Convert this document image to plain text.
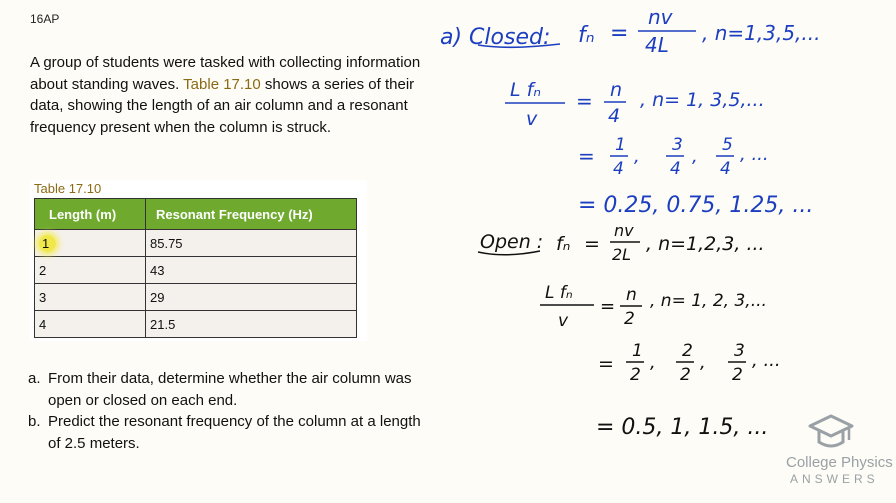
16AP

A group of students were tasked with collecting information about standing waves. Table 17.10 shows a series of their data, showing the length of an air column and a resonant frequency present when the column is struck.

Table 17.10
Length (m)	Resonant Frequency (Hz)
1	85.75
2	43
3	29
4	21.5
a. From their data, determine whether the air column was open or closed on each end.
b. Predict the resonant frequency of the column at a length of 2.5 meters.
a) Closed: fₙ =
nv
4L , n=1,3,5,...
L fₙ
v
= n
4
, n= 1, 3,5,...
= 1
4
,
3
4
,
5
4
, ...
= 0.25, 0.75, 1.25, ...
Open : fₙ =
nv
2L , n=1,2,3, ...
L fₙ
v
=
n
2
, n= 1, 2, 3,...
=
1
2
,
2
2
,
3
2
, ...
= 0.5, 1, 1.5, ...
College Physics
ANSWERS
